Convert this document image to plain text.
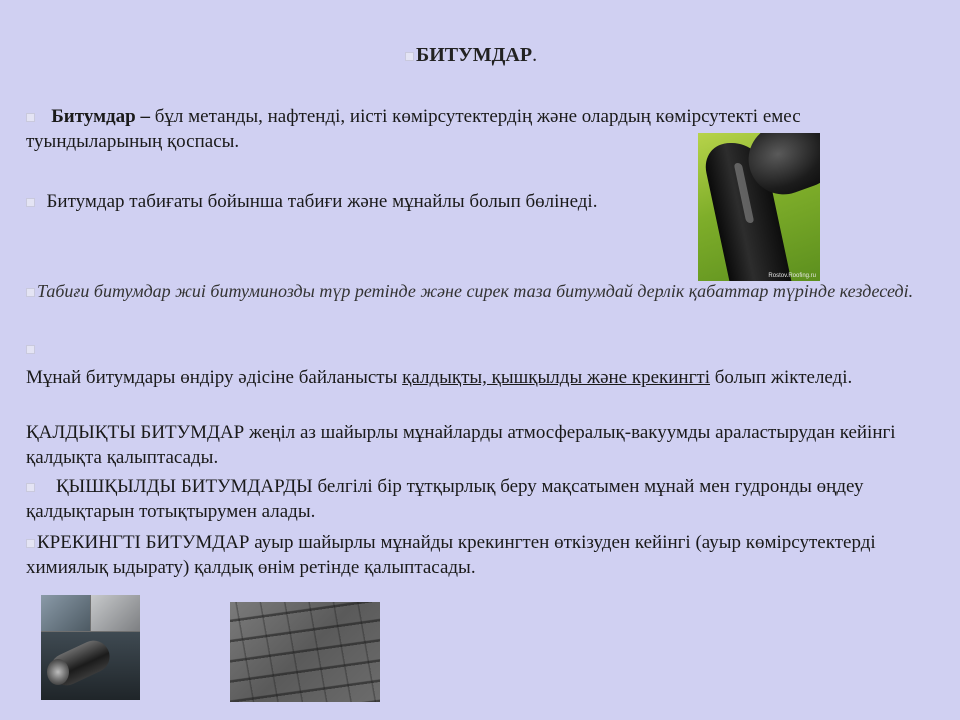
БИТУМДАР.
Битумдар – бұл метанды, нафтенді, иісті көмірсутектердің және олардың көмірсутекті емес туындыларының қоспасы.
Битумдар табиғаты бойынша табиғи және мұнайлы болып бөлінеді.
Rostov.Roofing.ru
Табиғи битумдар жиі битуминозды түр ретінде және сирек таза битумдай дерлік қабаттар түрінде кездеседі.
Мұнай битумдары өндіру әдісіне байланысты қалдықты, қышқылды және крекингті болып жіктеледі.
ҚАЛДЫҚТЫ БИТУМДАР жеңіл аз шайырлы мұнайларды атмосфералық-вакуумды араластырудан кейінгі қалдықта қалыптасады.
ҚЫШҚЫЛДЫ БИТУМДАРДЫ белгілі бір тұтқырлық беру мақсатымен мұнай мен гудронды өңдеу қалдықтарын тотықтырумен алады.
КРЕКИНГТІ БИТУМДАР ауыр шайырлы мұнайды крекингтен өткізуден кейінгі (ауыр көмірсутектерді химиялық ыдырату) қалдық өнім ретінде қалыптасады.
